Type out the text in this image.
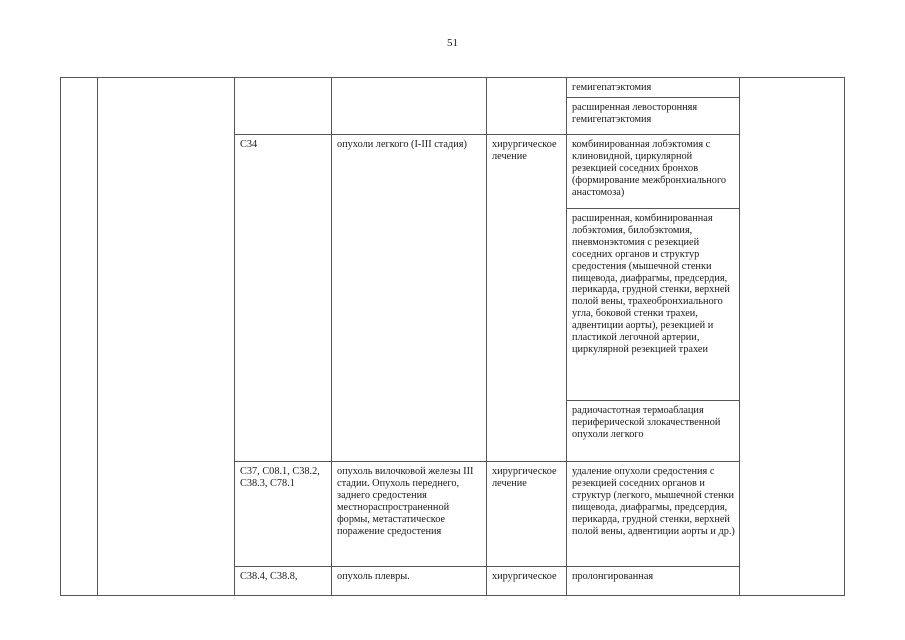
51
					гемигепатэктомия	
					расширенная левосторонняя гемигепатэктомия	
		С34	опухоли легкого (I-III стадия)	хирургическое лечение	комбинированная лобэктомия с клиновидной, циркулярной резекцией соседних бронхов (формирование межбронхиального анастомоза)	
					расширенная, комбинированная лобэктомия, билобэктомия, пневмонэктомия с резекцией соседних органов и структур средостения (мышечной стенки пищевода, диафрагмы, предсердия, перикарда, грудной стенки, верхней полой вены, трахеобронхиального угла, боковой стенки трахеи, адвентиции аорты), резекцией и пластикой легочной артерии, циркулярной резекцией трахеи	
					радиочастотная термоаблация периферической злокачественной опухоли легкого	
		С37, С08.1, С38.2, С38.3, С78.1	опухоль вилочковой железы III стадии. Опухоль переднего, заднего средостения местнораспространенной формы, метастатическое поражение средостения	хирургическое лечение	удаление опухоли средостения с резекцией соседних органов и структур (легкого, мышечной стенки пищевода, диафрагмы, предсердия, перикарда, грудной стенки, верхней полой вены, адвентиции аорты и др.)	
		С38.4, С38.8,	опухоль плевры.	хирургическое	пролонгированная	
